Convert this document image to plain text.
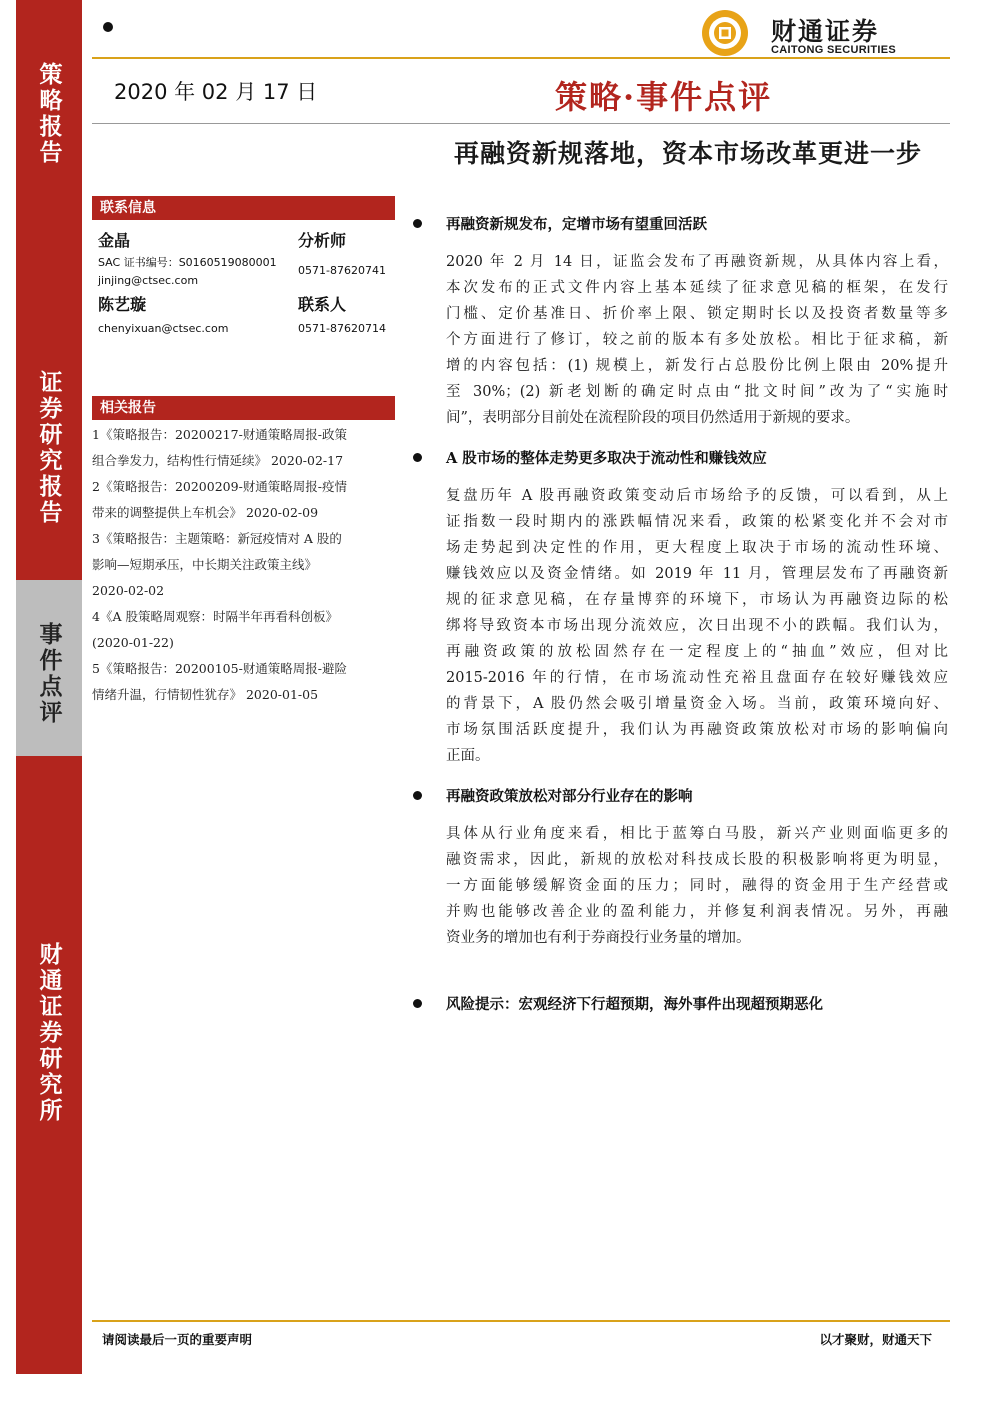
策略报告
证券研究报告
事件点评
财通证券研究所
财通证券
CAITONG SECURITIES
2020 年 02 月 17 日	策略·事件点评
再融资新规落地，资本市场改革更进一步
联系信息
金晶	分析师
SAC 证书编号：S0160519080001
0571-87620741
jinjing@ctsec.com
陈艺璇	联系人
chenyixuan@ctsec.com	0571-87620714
相关报告
1《策略报告：20200217-财通策略周报-政策
组合拳发力，结构性行情延续》 2020-02-17
2《策略报告：20200209-财通策略周报-疫情
带来的调整提供上车机会》 2020-02-09
3《策略报告：主题策略：新冠疫情对 A 股的
影响—短期承压，中长期关注政策主线》
2020-02-02
4《A 股策略周观察：时隔半年再看科创板》
(2020-01-22)
5《策略报告：20200105-财通策略周报-避险
情绪升温，行情韧性犹存》 2020-01-05
再融资新规发布，定增市场有望重回活跃
2020 年 2 月 14 日，证监会发布了再融资新规，从具体内容上看，
本次发布的正式文件内容上基本延续了征求意见稿的框架，在发行
门槛、定价基准日、折价率上限、锁定期时长以及投资者数量等多
个方面进行了修订，较之前的版本有多处放松。相比于征求稿，新
增的内容包括：(1) 规模上，新发行占总股份比例上限由 20%提升
至 30%；(2) 新老划断的确定时点由“批文时间”改为了“实施时
间”，表明部分目前处在流程阶段的项目仍然适用于新规的要求。
A 股市场的整体走势更多取决于流动性和赚钱效应
复盘历年 A 股再融资政策变动后市场给予的反馈，可以看到，从上
证指数一段时期内的涨跌幅情况来看，政策的松紧变化并不会对市
场走势起到决定性的作用，更大程度上取决于市场的流动性环境、
赚钱效应以及资金情绪。如 2019 年 11 月，管理层发布了再融资新
规的征求意见稿，在存量博弈的环境下，市场认为再融资边际的松
绑将导致资本市场出现分流效应，次日出现不小的跌幅。我们认为，
再融资政策的放松固然存在一定程度上的“抽血”效应，但对比
2015-2016 年的行情，在市场流动性充裕且盘面存在较好赚钱效应
的背景下，A 股仍然会吸引增量资金入场。当前，政策环境向好、
市场氛围活跃度提升，我们认为再融资政策放松对市场的影响偏向
正面。
再融资政策放松对部分行业存在的影响
具体从行业角度来看，相比于蓝筹白马股，新兴产业则面临更多的
融资需求，因此，新规的放松对科技成长股的积极影响将更为明显，
一方面能够缓解资金面的压力；同时，融得的资金用于生产经营或
并购也能够改善企业的盈利能力，并修复利润表情况。另外，再融
资业务的增加也有利于券商投行业务量的增加。
风险提示：宏观经济下行超预期，海外事件出现超预期恶化
请阅读最后一页的重要声明	以才聚财，财通天下
